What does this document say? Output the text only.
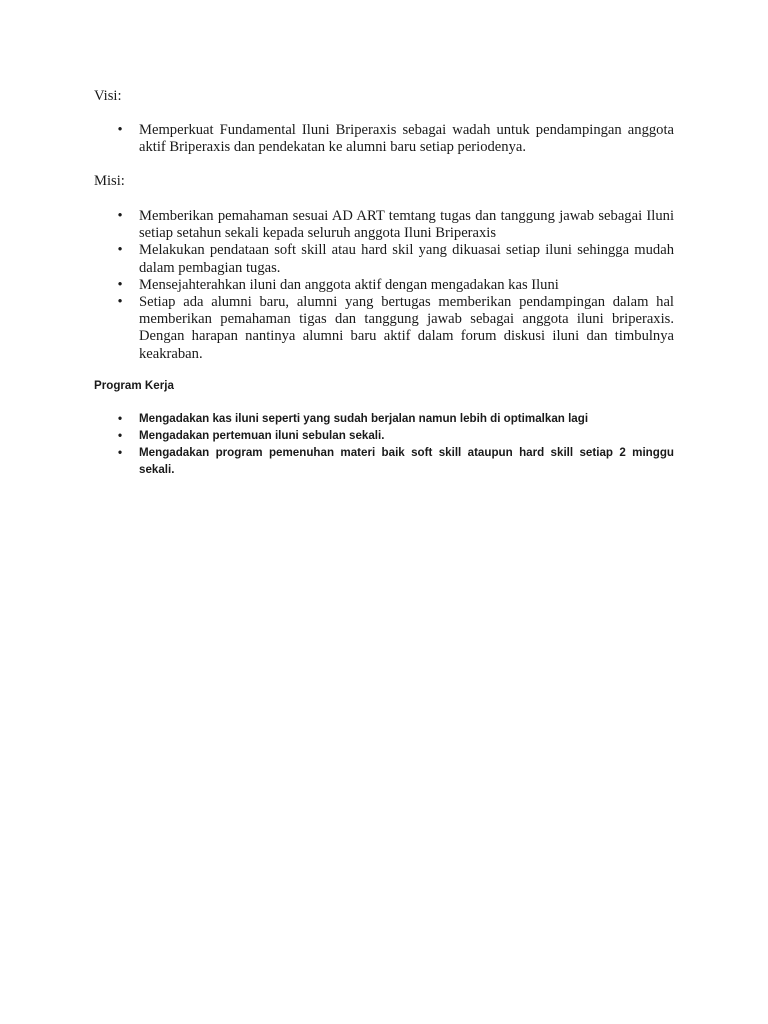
Visi:

• Memperkuat Fundamental Iluni Briperaxis sebagai wadah untuk pendampingan anggota aktif Briperaxis dan pendekatan ke alumni baru setiap periodenya.

Misi:

• Memberikan pemahaman sesuai AD ART temtang tugas dan tanggung jawab sebagai Iluni setiap setahun sekali kepada seluruh anggota Iluni Briperaxis
• Melakukan pendataan soft skill atau hard skil yang dikuasai setiap iluni sehingga mudah dalam pembagian tugas.
• Mensejahterahkan iluni dan anggota aktif dengan mengadakan kas Iluni
• Setiap ada alumni baru, alumni yang bertugas memberikan pendampingan dalam hal memberikan pemahaman tigas dan tanggung jawab sebagai anggota iluni briperaxis. Dengan harapan nantinya alumni baru aktif dalam forum diskusi iluni dan timbulnya keakraban.

Program Kerja

• Mengadakan kas iluni seperti yang sudah berjalan namun lebih di optimalkan lagi
• Mengadakan pertemuan iluni sebulan sekali.
• Mengadakan program pemenuhan materi baik soft skill ataupun hard skill setiap 2 minggu sekali.
